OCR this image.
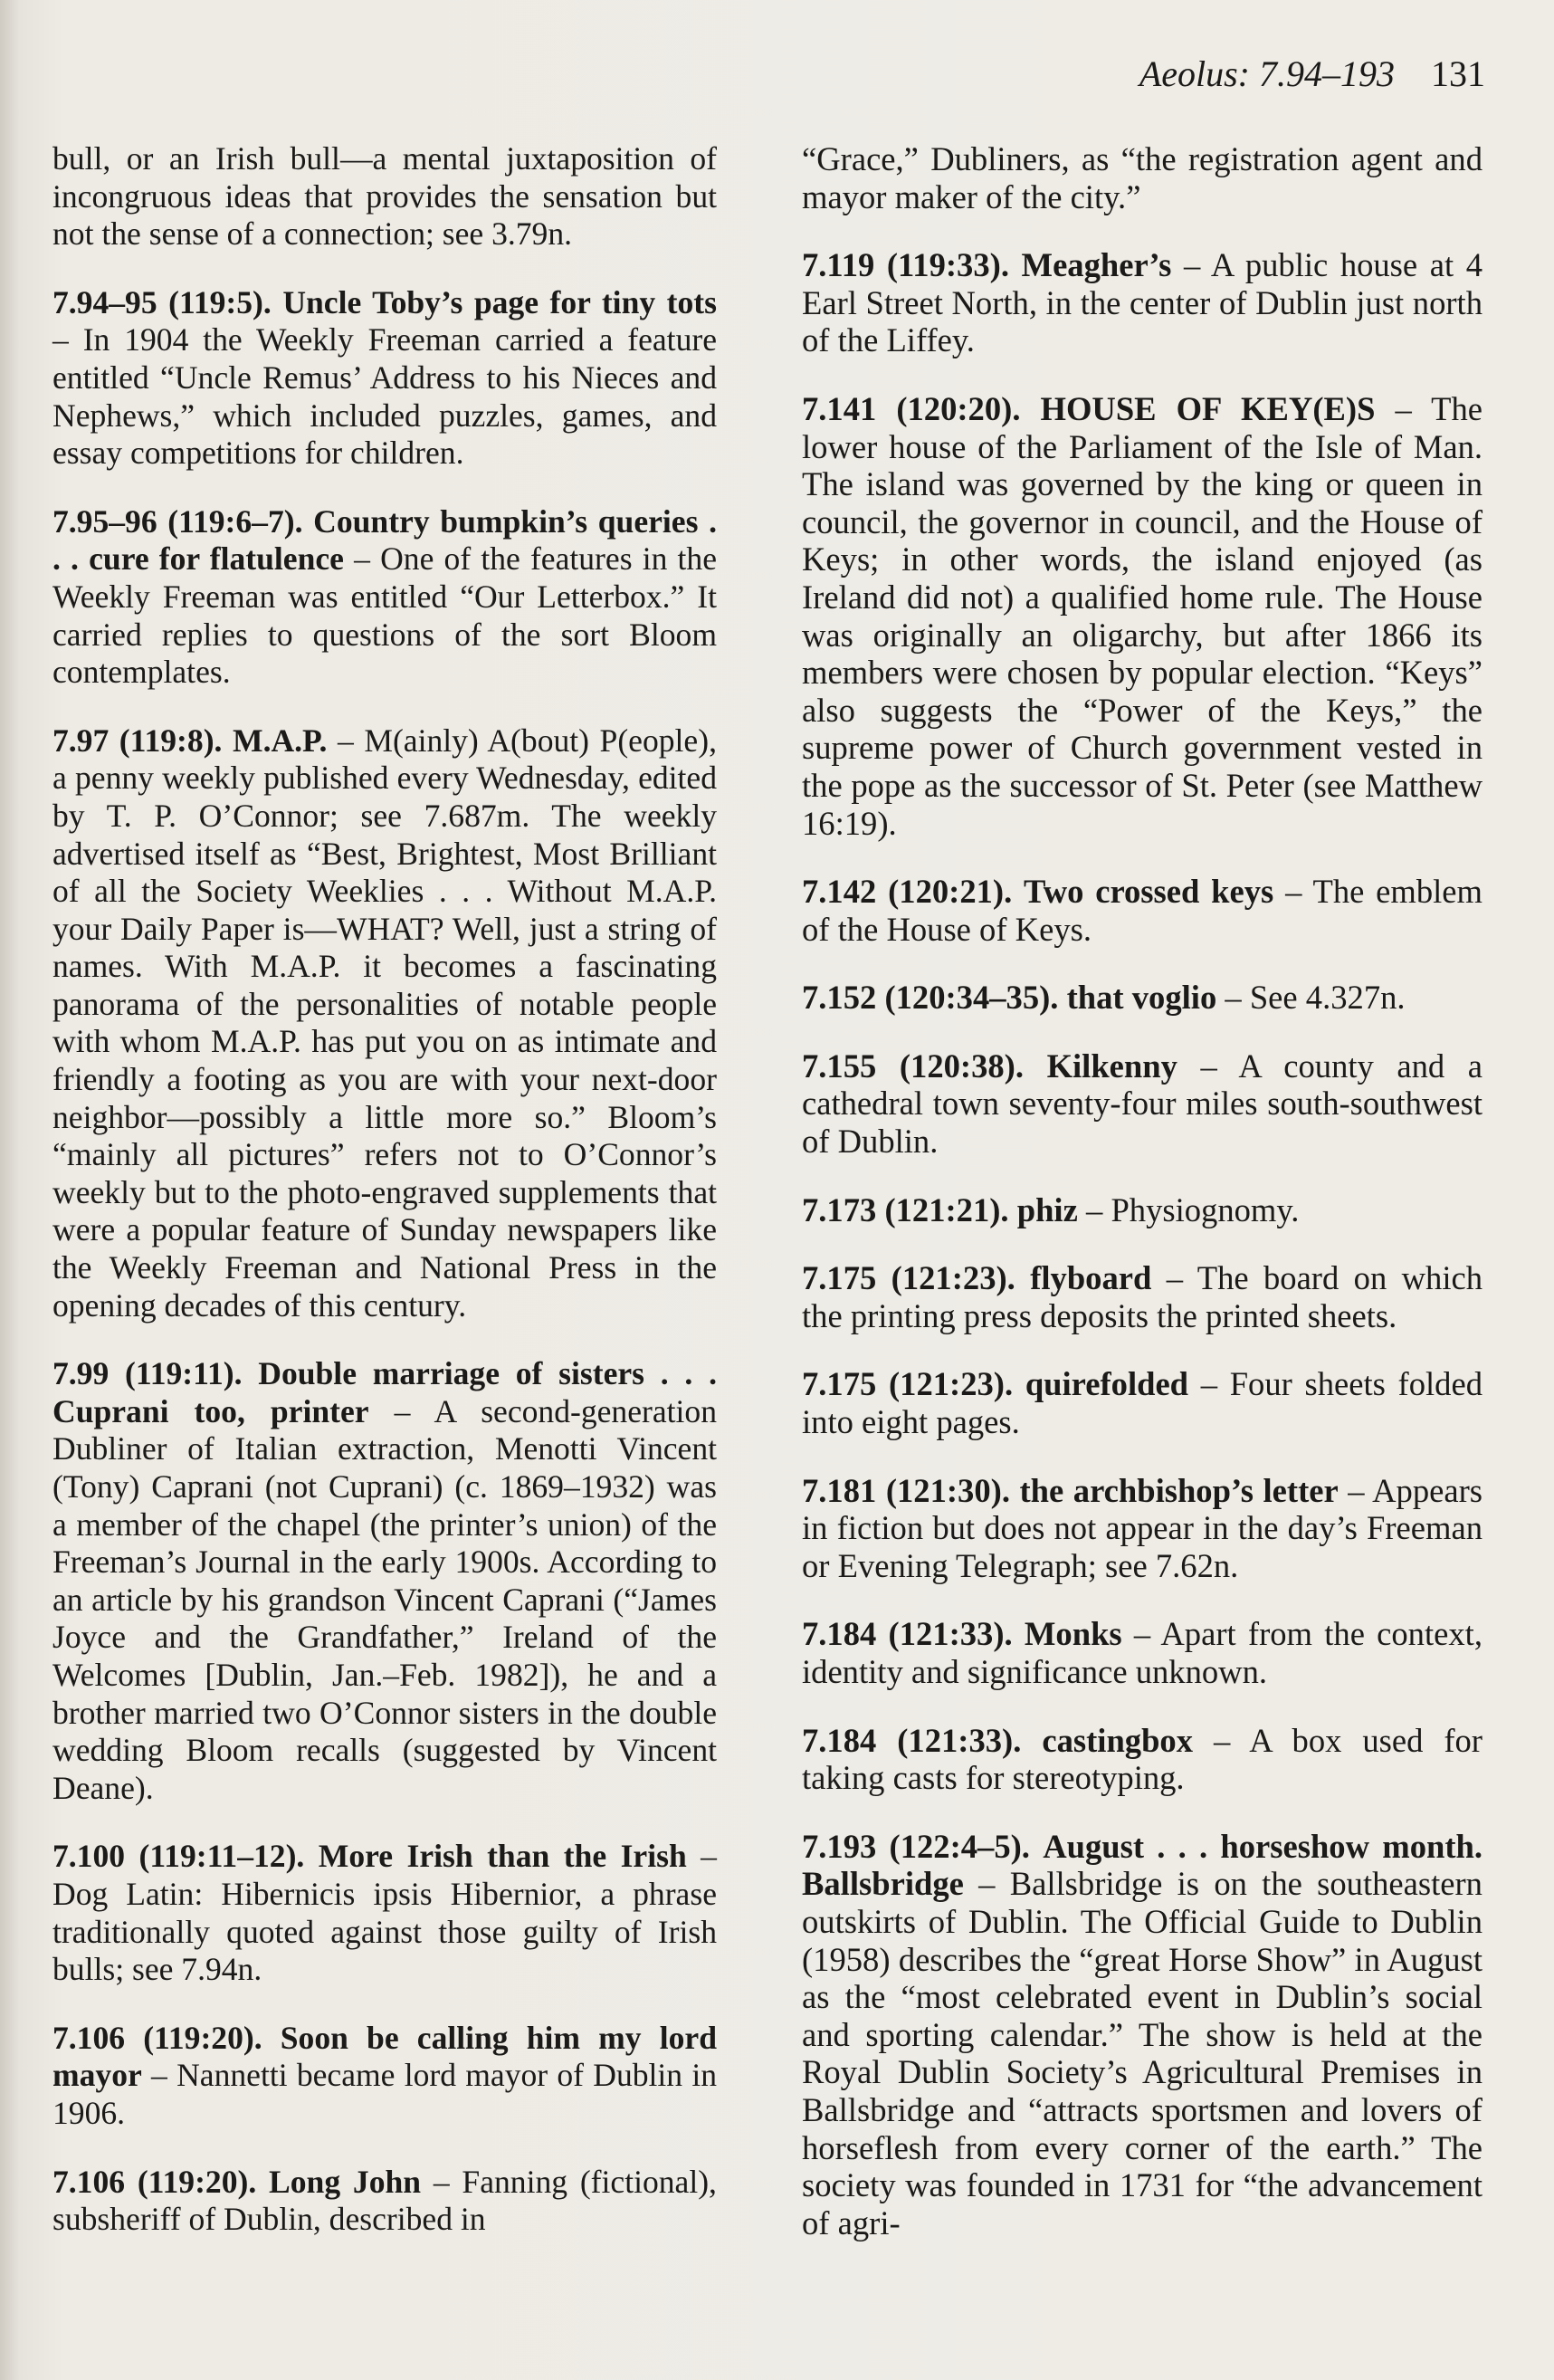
Aeolus: 7.94–193 131

bull, or an Irish bull—a mental juxtaposition of incongruous ideas that provides the sensation but not the sense of a connection; see 3.79n.

7.94–95 (119:5). Uncle Toby’s page for tiny tots – In 1904 the Weekly Freeman carried a feature entitled “Uncle Remus’ Address to his Nieces and Nephews,” which included puzzles, games, and essay competitions for children.

7.95–96 (119:6–7). Country bumpkin’s queries . . . cure for flatulence – One of the features in the Weekly Freeman was entitled “Our Letterbox.” It carried replies to questions of the sort Bloom contemplates.

7.97 (119:8). M.A.P. – M(ainly) A(bout) P(eople), a penny weekly published every Wednesday, edited by T. P. O’Connor; see 7.687m. The weekly advertised itself as “Best, Brightest, Most Brilliant of all the Society Weeklies . . . Without M.A.P. your Daily Paper is—WHAT? Well, just a string of names. With M.A.P. it becomes a fascinating panorama of the personalities of notable people with whom M.A.P. has put you on as intimate and friendly a footing as you are with your next-door neighbor—possibly a little more so.” Bloom’s “mainly all pictures” refers not to O’Connor’s weekly but to the photo-engraved supplements that were a popular feature of Sunday newspapers like the Weekly Freeman and National Press in the opening decades of this century.

7.99 (119:11). Double marriage of sisters . . . Cuprani too, printer – A second-generation Dubliner of Italian extraction, Menotti Vincent (Tony) Caprani (not Cuprani) (c. 1869–1932) was a member of the chapel (the printer’s union) of the Freeman’s Journal in the early 1900s. According to an article by his grandson Vincent Caprani (“James Joyce and the Grandfather,” Ireland of the Welcomes [Dublin, Jan.–Feb. 1982]), he and a brother married two O’Connor sisters in the double wedding Bloom recalls (suggested by Vincent Deane).

7.100 (119:11–12). More Irish than the Irish – Dog Latin: Hibernicis ipsis Hibernior, a phrase traditionally quoted against those guilty of Irish bulls; see 7.94n.

7.106 (119:20). Soon be calling him my lord mayor – Nannetti became lord mayor of Dublin in 1906.

7.106 (119:20). Long John – Fanning (fictional), subsheriff of Dublin, described in

“Grace,” Dubliners, as “the registration agent and mayor maker of the city.”

7.119 (119:33). Meagher’s – A public house at 4 Earl Street North, in the center of Dublin just north of the Liffey.

7.141 (120:20). HOUSE OF KEY(E)S – The lower house of the Parliament of the Isle of Man. The island was governed by the king or queen in council, the governor in council, and the House of Keys; in other words, the island enjoyed (as Ireland did not) a qualified home rule. The House was originally an oligarchy, but after 1866 its members were chosen by popular election. “Keys” also suggests the “Power of the Keys,” the supreme power of Church government vested in the pope as the successor of St. Peter (see Matthew 16:19).

7.142 (120:21). Two crossed keys – The emblem of the House of Keys.

7.152 (120:34–35). that voglio – See 4.327n.

7.155 (120:38). Kilkenny – A county and a cathedral town seventy-four miles south-southwest of Dublin.

7.173 (121:21). phiz – Physiognomy.

7.175 (121:23). flyboard – The board on which the printing press deposits the printed sheets.

7.175 (121:23). quirefolded – Four sheets folded into eight pages.

7.181 (121:30). the archbishop’s letter – Appears in fiction but does not appear in the day’s Freeman or Evening Telegraph; see 7.62n.

7.184 (121:33). Monks – Apart from the context, identity and significance unknown.

7.184 (121:33). castingbox – A box used for taking casts for stereotyping.

7.193 (122:4–5). August . . . horseshow month. Ballsbridge – Ballsbridge is on the southeastern outskirts of Dublin. The Official Guide to Dublin (1958) describes the “great Horse Show” in August as the “most celebrated event in Dublin’s social and sporting calendar.” The show is held at the Royal Dublin Society’s Agricultural Premises in Ballsbridge and “attracts sportsmen and lovers of horseflesh from every corner of the earth.” The society was founded in 1731 for “the advancement of agri-
